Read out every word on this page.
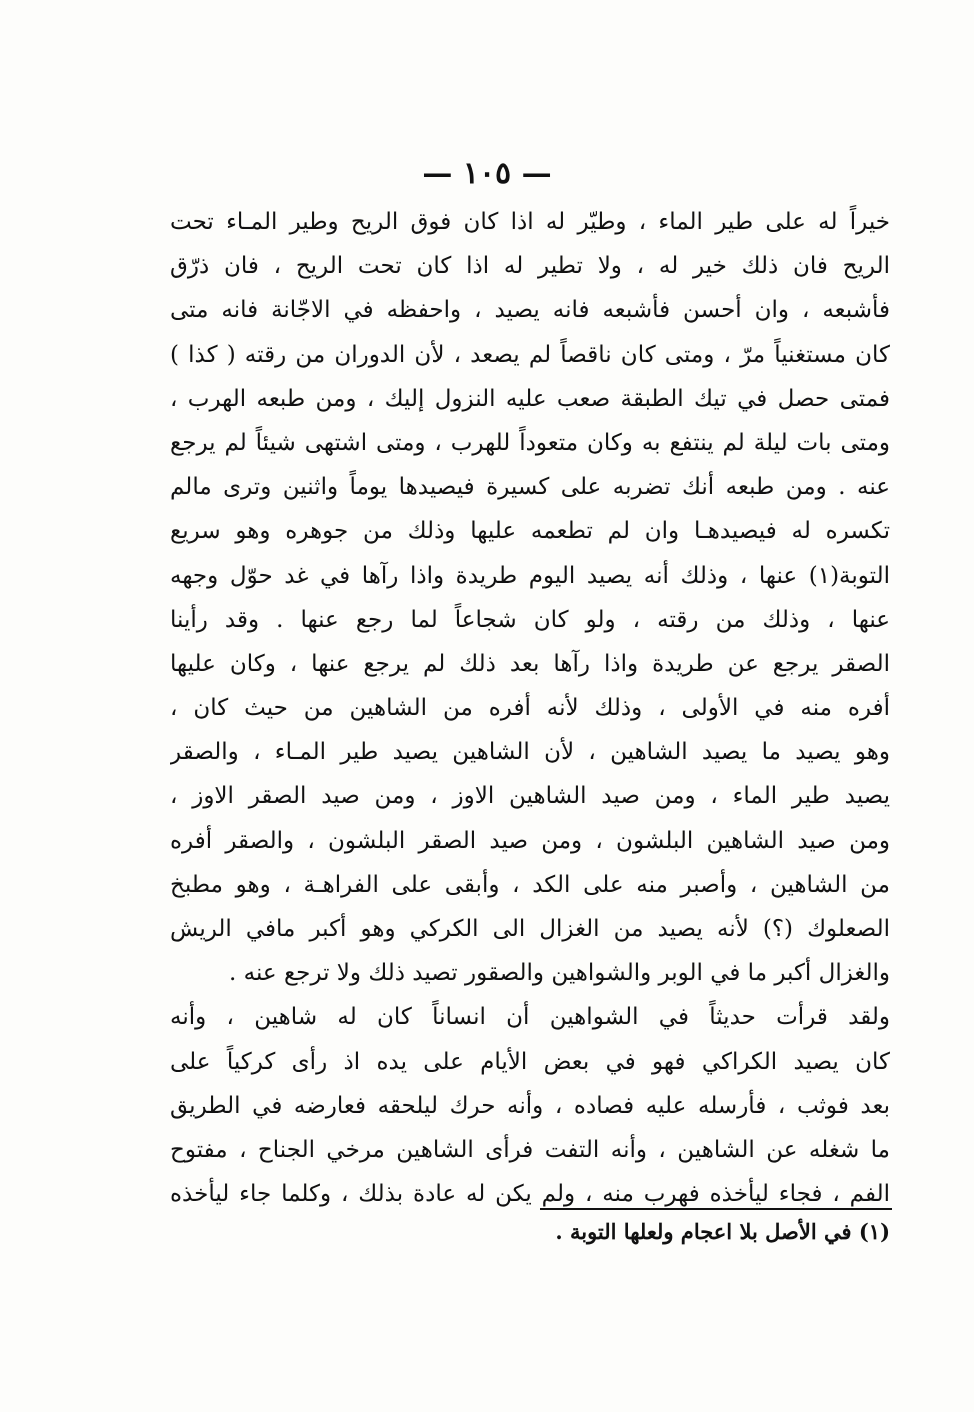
— ١٠٥ —
خيراً له على طير الماء ، وطيّر له اذا كان فوق الريح وطير المـاء تحت
الريح فان ذلك خير له ، ولا تطير له اذا كان تحت الريح ، فان ذرّق
فأشبعه ، وان أحسن فأشبعه فانه يصيد ، واحفظه في الاجّانة فانه متى
كان مستغنياً مرّ ، ومتى كان ناقصاً لم يصعد ، لأن الدوران من رقته ( كذا )
فمتى حصل في تيك الطبقة صعب عليه النزول إليك ، ومن طبعه الهرب ،
ومتى بات ليلة لم ينتفع به وكان متعوداً للهرب ، ومتى اشتهى شيئاً لم يرجع
عنه . ومن طبعه أنك تضربه على كسيرة فيصيدها يوماً واثنين وترى مالم
تكسره له فيصيدهـا وان لم تطعمه عليها وذلك من جوهره وهو سريع
التوبة(١) عنها ، وذلك أنه يصيد اليوم طريدة واذا رآها في غد حوّل وجهه
عنها ، وذلك من رقته ، ولو كان شجاعاً لما رجع عنها . وقد رأينا
الصقر يرجع عن طريدة واذا رآها بعد ذلك لم يرجع عنها ، وكان عليها
أفره منه في الأولى ، وذلك لأنه أفره من الشاهين من حيث كان ،
وهو يصيد ما يصيد الشاهين ، لأن الشاهين يصيد طير المـاء ، والصقر
يصيد طير الماء ، ومن صيد الشاهين الاوز ، ومن صيد الصقر الاوز ،
ومن صيد الشاهين البلشون ، ومن صيد الصقر البلشون ، والصقر أفره
من الشاهين ، وأصبر منه على الكد ، وأبقى على الفراهـة ، وهو مطبخ
الصعلوك (؟) لأنه يصيد من الغزال الى الكركي وهو أكبر مافي الريش
والغزال أكبر ما في الوبر والشواهين والصقور تصيد ذلك ولا ترجع عنه .
ولقد قرأت حديثاً في الشواهين أن انساناً كان له شاهين ، وأنه
كان يصيد الكراكي فهو في بعض الأيام على يده اذ رأى كركياً على
بعد فوثب ، فأرسله عليه فصاده ، وأنه حرك ليلحقه فعارضه في الطريق
ما شغله عن الشاهين ، وأنه التفت فرأى الشاهين مرخي الجناح ، مفتوح
الفم ، فجاء ليأخذه فهرب منه ، ولم يكن له عادة بذلك ، وكلما جاء ليأخذه
(١) في الأصل بلا اعجام ولعلها التوبة .
